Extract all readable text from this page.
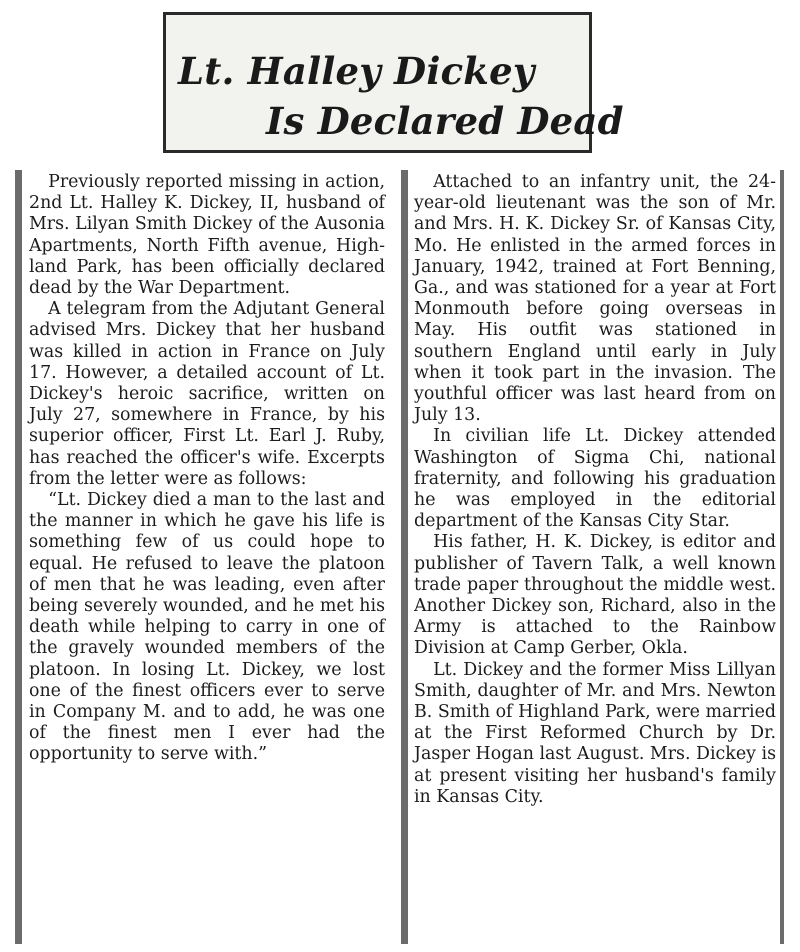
Lt. Halley Dickey
Is Declared Dead

Previously reported missing in action, 2nd Lt. Halley K. Dickey, II, husband of Mrs. Lilyan Smith Dickey of the Ausonia Apartments, North Fifth avenue, Highland Park, has been officially declared dead by the War Department.

A telegram from the Adjutant General advised Mrs. Dickey that her husband was killed in action in France on July 17. However, a detailed account of Lt. Dickey's heroic sacrifice, written on July 27, somewhere in France, by his superior officer, First Lt. Earl J. Ruby, has reached the officer's wife. Excerpts from the letter were as follows:

“Lt. Dickey died a man to the last and the manner in which he gave his life is something few of us could hope to equal. He refused to leave the platoon of men that he was leading, even after being severely wounded, and he met his death while helping to carry in one of the gravely wounded members of the platoon. In losing Lt. Dickey, we lost one of the finest officers ever to serve in Company M. and to add, he was one of the finest men I ever had the opportunity to serve with.”

Attached to an infantry unit, the 24-year-old lieutenant was the son of Mr. and Mrs. H. K. Dickey Sr. of Kansas City, Mo. He enlisted in the armed forces in January, 1942, trained at Fort Benning, Ga., and was stationed for a year at Fort Monmouth before going overseas in May. His outfit was stationed in southern England until early in July when it took part in the invasion. The youthful officer was last heard from on July 13.

In civilian life Lt. Dickey attended Washington of Sigma Chi, national fraternity, and following his graduation he was employed in the editorial department of the Kansas City Star.

His father, H. K. Dickey, is editor and publisher of Tavern Talk, a well known trade paper throughout the middle west. Another Dickey son, Richard, also in the Army is attached to the Rainbow Division at Camp Gerber, Okla.

Lt. Dickey and the former Miss Lillyan Smith, daughter of Mr. and Mrs. Newton B. Smith of Highland Park, were married at the First Reformed Church by Dr. Jasper Hogan last August. Mrs. Dickey is at present visiting her husband's family in Kansas City.
